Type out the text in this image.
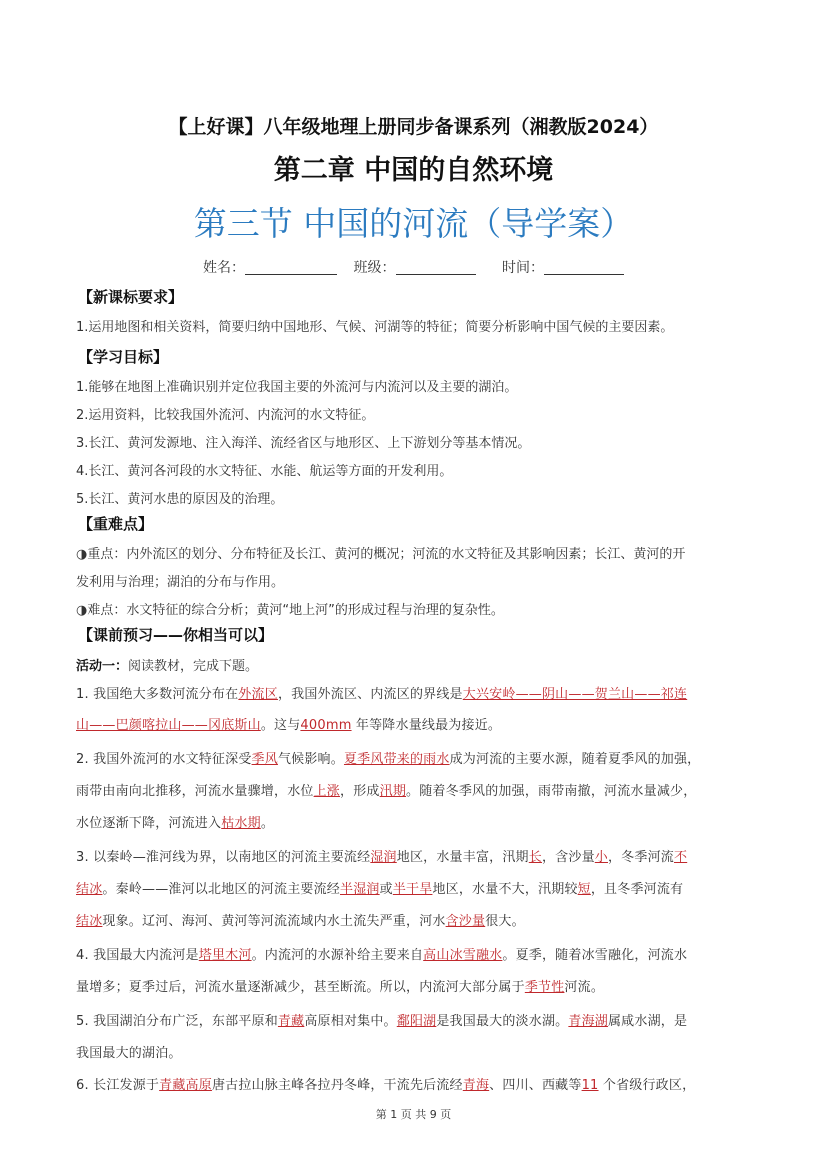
【上好课】八年级地理上册同步备课系列（湘教版2024）
第二章 中国的自然环境
第三节 中国的河流（导学案）
姓名：	班级：	时间：
【新课标要求】
1.运用地图和相关资料，简要归纳中国地形、气候、河湖等的特征；简要分析影响中国气候的主要因素。
【学习目标】
1.能够在地图上准确识别并定位我国主要的外流河与内流河以及主要的湖泊。
2.运用资料，比较我国外流河、内流河的水文特征。
3.长江、黄河发源地、注入海洋、流经省区与地形区、上下游划分等基本情况。
4.长江、黄河各河段的水文特征、水能、航运等方面的开发利用。
5.长江、黄河水患的原因及的治理。
【重难点】
◑重点：内外流区的划分、分布特征及长江、黄河的概况；河流的水文特征及其影响因素；长江、黄河的开
发利用与治理；湖泊的分布与作用。
◑难点：水文特征的综合分析；黄河“地上河”的形成过程与治理的复杂性。
【课前预习——你相当可以】
活动一：阅读教材，完成下题。
1. 我国绝大多数河流分布在外流区，我国外流区、内流区的界线是大兴安岭——阴山——贺兰山——祁连
山——巴颜喀拉山——冈底斯山。这与400mm 年等降水量线最为接近。
2. 我国外流河的水文特征深受季风气候影响。夏季风带来的雨水成为河流的主要水源，随着夏季风的加强，
雨带由南向北推移，河流水量骤增，水位上涨，形成汛期。随着冬季风的加强，雨带南撤，河流水量减少，
水位逐渐下降，河流进入枯水期。
3. 以秦岭—淮河线为界，以南地区的河流主要流经湿润地区，水量丰富，汛期长，含沙量小，冬季河流不
结冰。秦岭——淮河以北地区的河流主要流经半湿润或半干旱地区，水量不大，汛期较短，且冬季河流有
结冰现象。辽河、海河、黄河等河流流域内水土流失严重，河水含沙量很大。
4. 我国最大内流河是塔里木河。内流河的水源补给主要来自高山冰雪融水。夏季，随着冰雪融化，河流水
量增多；夏季过后，河流水量逐渐减少，甚至断流。所以，内流河大部分属于季节性河流。
5. 我国湖泊分布广泛，东部平原和青藏高原相对集中。鄱阳湖是我国最大的淡水湖。青海湖属咸水湖，是
我国最大的湖泊。
6. 长江发源于青藏高原唐古拉山脉主峰各拉丹冬峰，干流先后流经青海、四川、西藏等11 个省级行政区，
第 1 页 共 9 页
